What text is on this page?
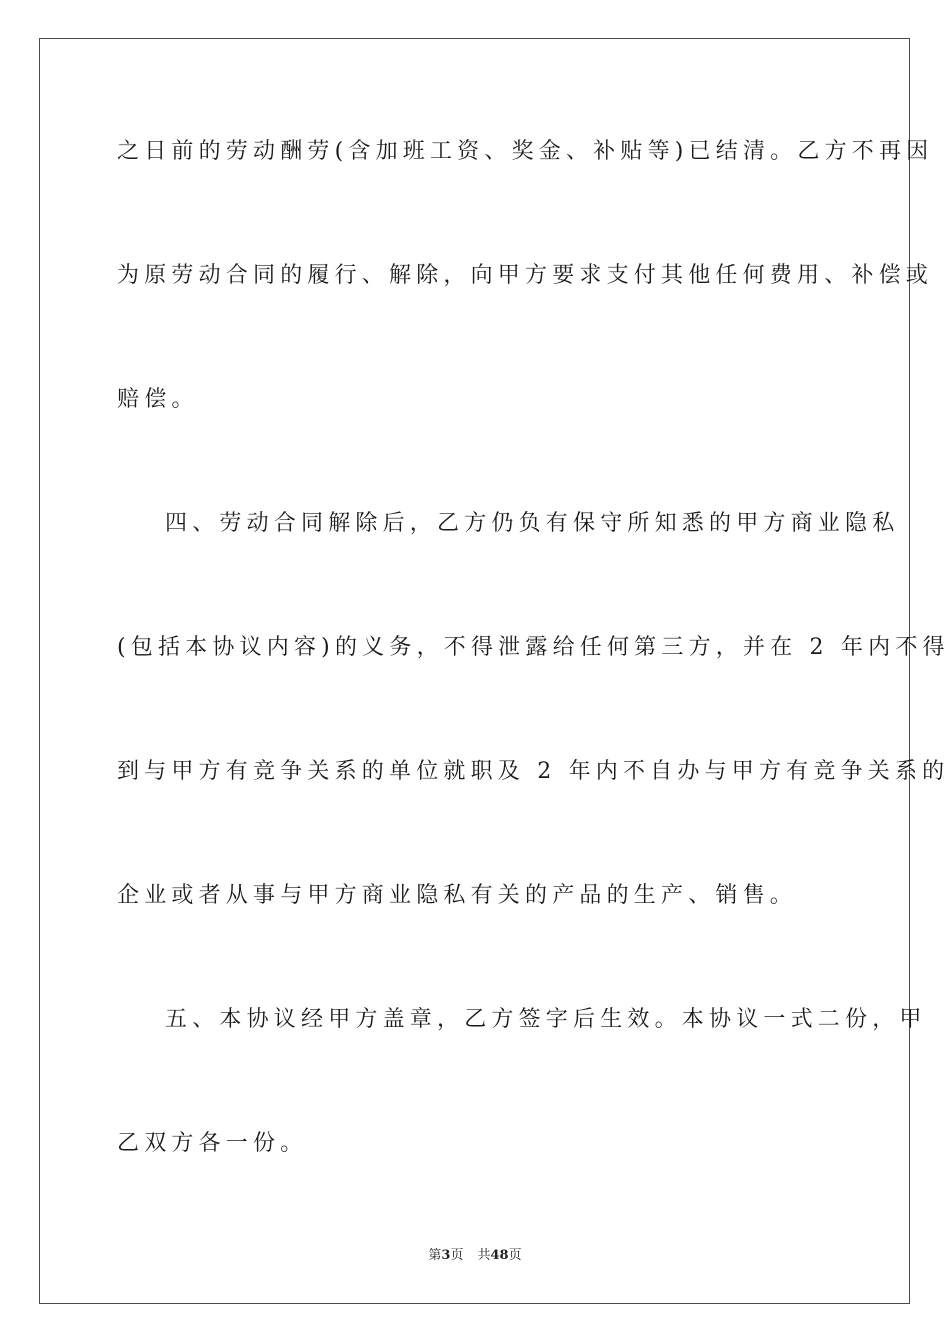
之日前的劳动酬劳(含加班工资、奖金、补贴等)已结清。乙方不再因
为原劳动合同的履行、解除，向甲方要求支付其他任何费用、补偿或
赔偿。
四、劳动合同解除后，乙方仍负有保守所知悉的甲方商业隐私
(包括本协议内容)的义务，不得泄露给任何第三方，并在 2 年内不得
到与甲方有竞争关系的单位就职及 2 年内不自办与甲方有竞争关系的
企业或者从事与甲方商业隐私有关的产品的生产、销售。
五、本协议经甲方盖章，乙方签字后生效。本协议一式二份，甲
乙双方各一份。
第3页 共48页
